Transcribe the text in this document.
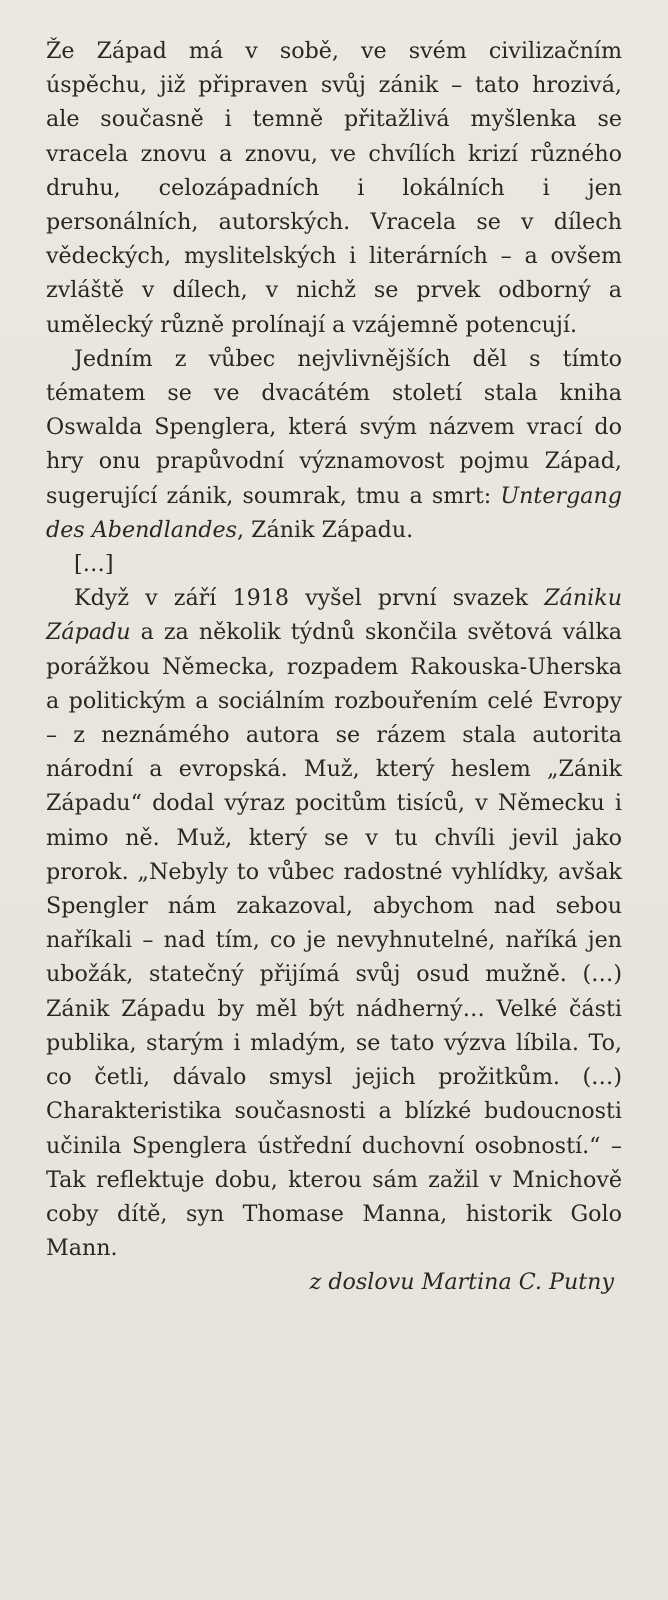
Že Západ má v sobě, ve svém civilizačním úspěchu, již připraven svůj zánik – tato hrozivá, ale současně i temně přitažlivá myšlenka se vracela znovu a znovu, ve chvílích krizí různého druhu, celozápadních i lokálních i jen personálních, autorských. Vracela se v dílech vědeckých, myslitelských i literárních – a ovšem zvláště v dílech, v nichž se prvek odborný a umělecký různě prolínají a vzájemně potencují.

Jedním z vůbec nejvlivnějších děl s tímto tématem se ve dvacátém století stala kniha Oswalda Spenglera, která svým názvem vrací do hry onu prapůvodní významovost pojmu Západ, sugerující zánik, soumrak, tmu a smrt: Untergang des Abendlandes, Zánik Západu.

[…]

Když v září 1918 vyšel první svazek Zániku Západu a za několik týdnů skončila světová válka porážkou Německa, rozpadem Rakouska-Uherska a politickým a sociálním rozbouřením celé Evropy – z neznámého autora se rázem stala autorita národní a evropská. Muž, který heslem „Zánik Západu“ dodal výraz pocitům tisíců, v Německu i mimo ně. Muž, který se v tu chvíli jevil jako prorok. „Nebyly to vůbec radostné vyhlídky, avšak Spengler nám zakazoval, abychom nad sebou naříkali – nad tím, co je nevyhnutelné, naříká jen ubožák, statečný přijímá svůj osud mužně. (…) Zánik Západu by měl být nádherný… Velké části publika, starým i mladým, se tato výzva líbila. To, co četli, dávalo smysl jejich prožitkům. (…) Charakteristika současnosti a blízké budoucnosti učinila Spenglera ústřední duchovní osobností.“ – Tak reflektuje dobu, kterou sám zažil v Mnichově coby dítě, syn Thomase Manna, historik Golo Mann.

z doslovu Martina C. Putny
